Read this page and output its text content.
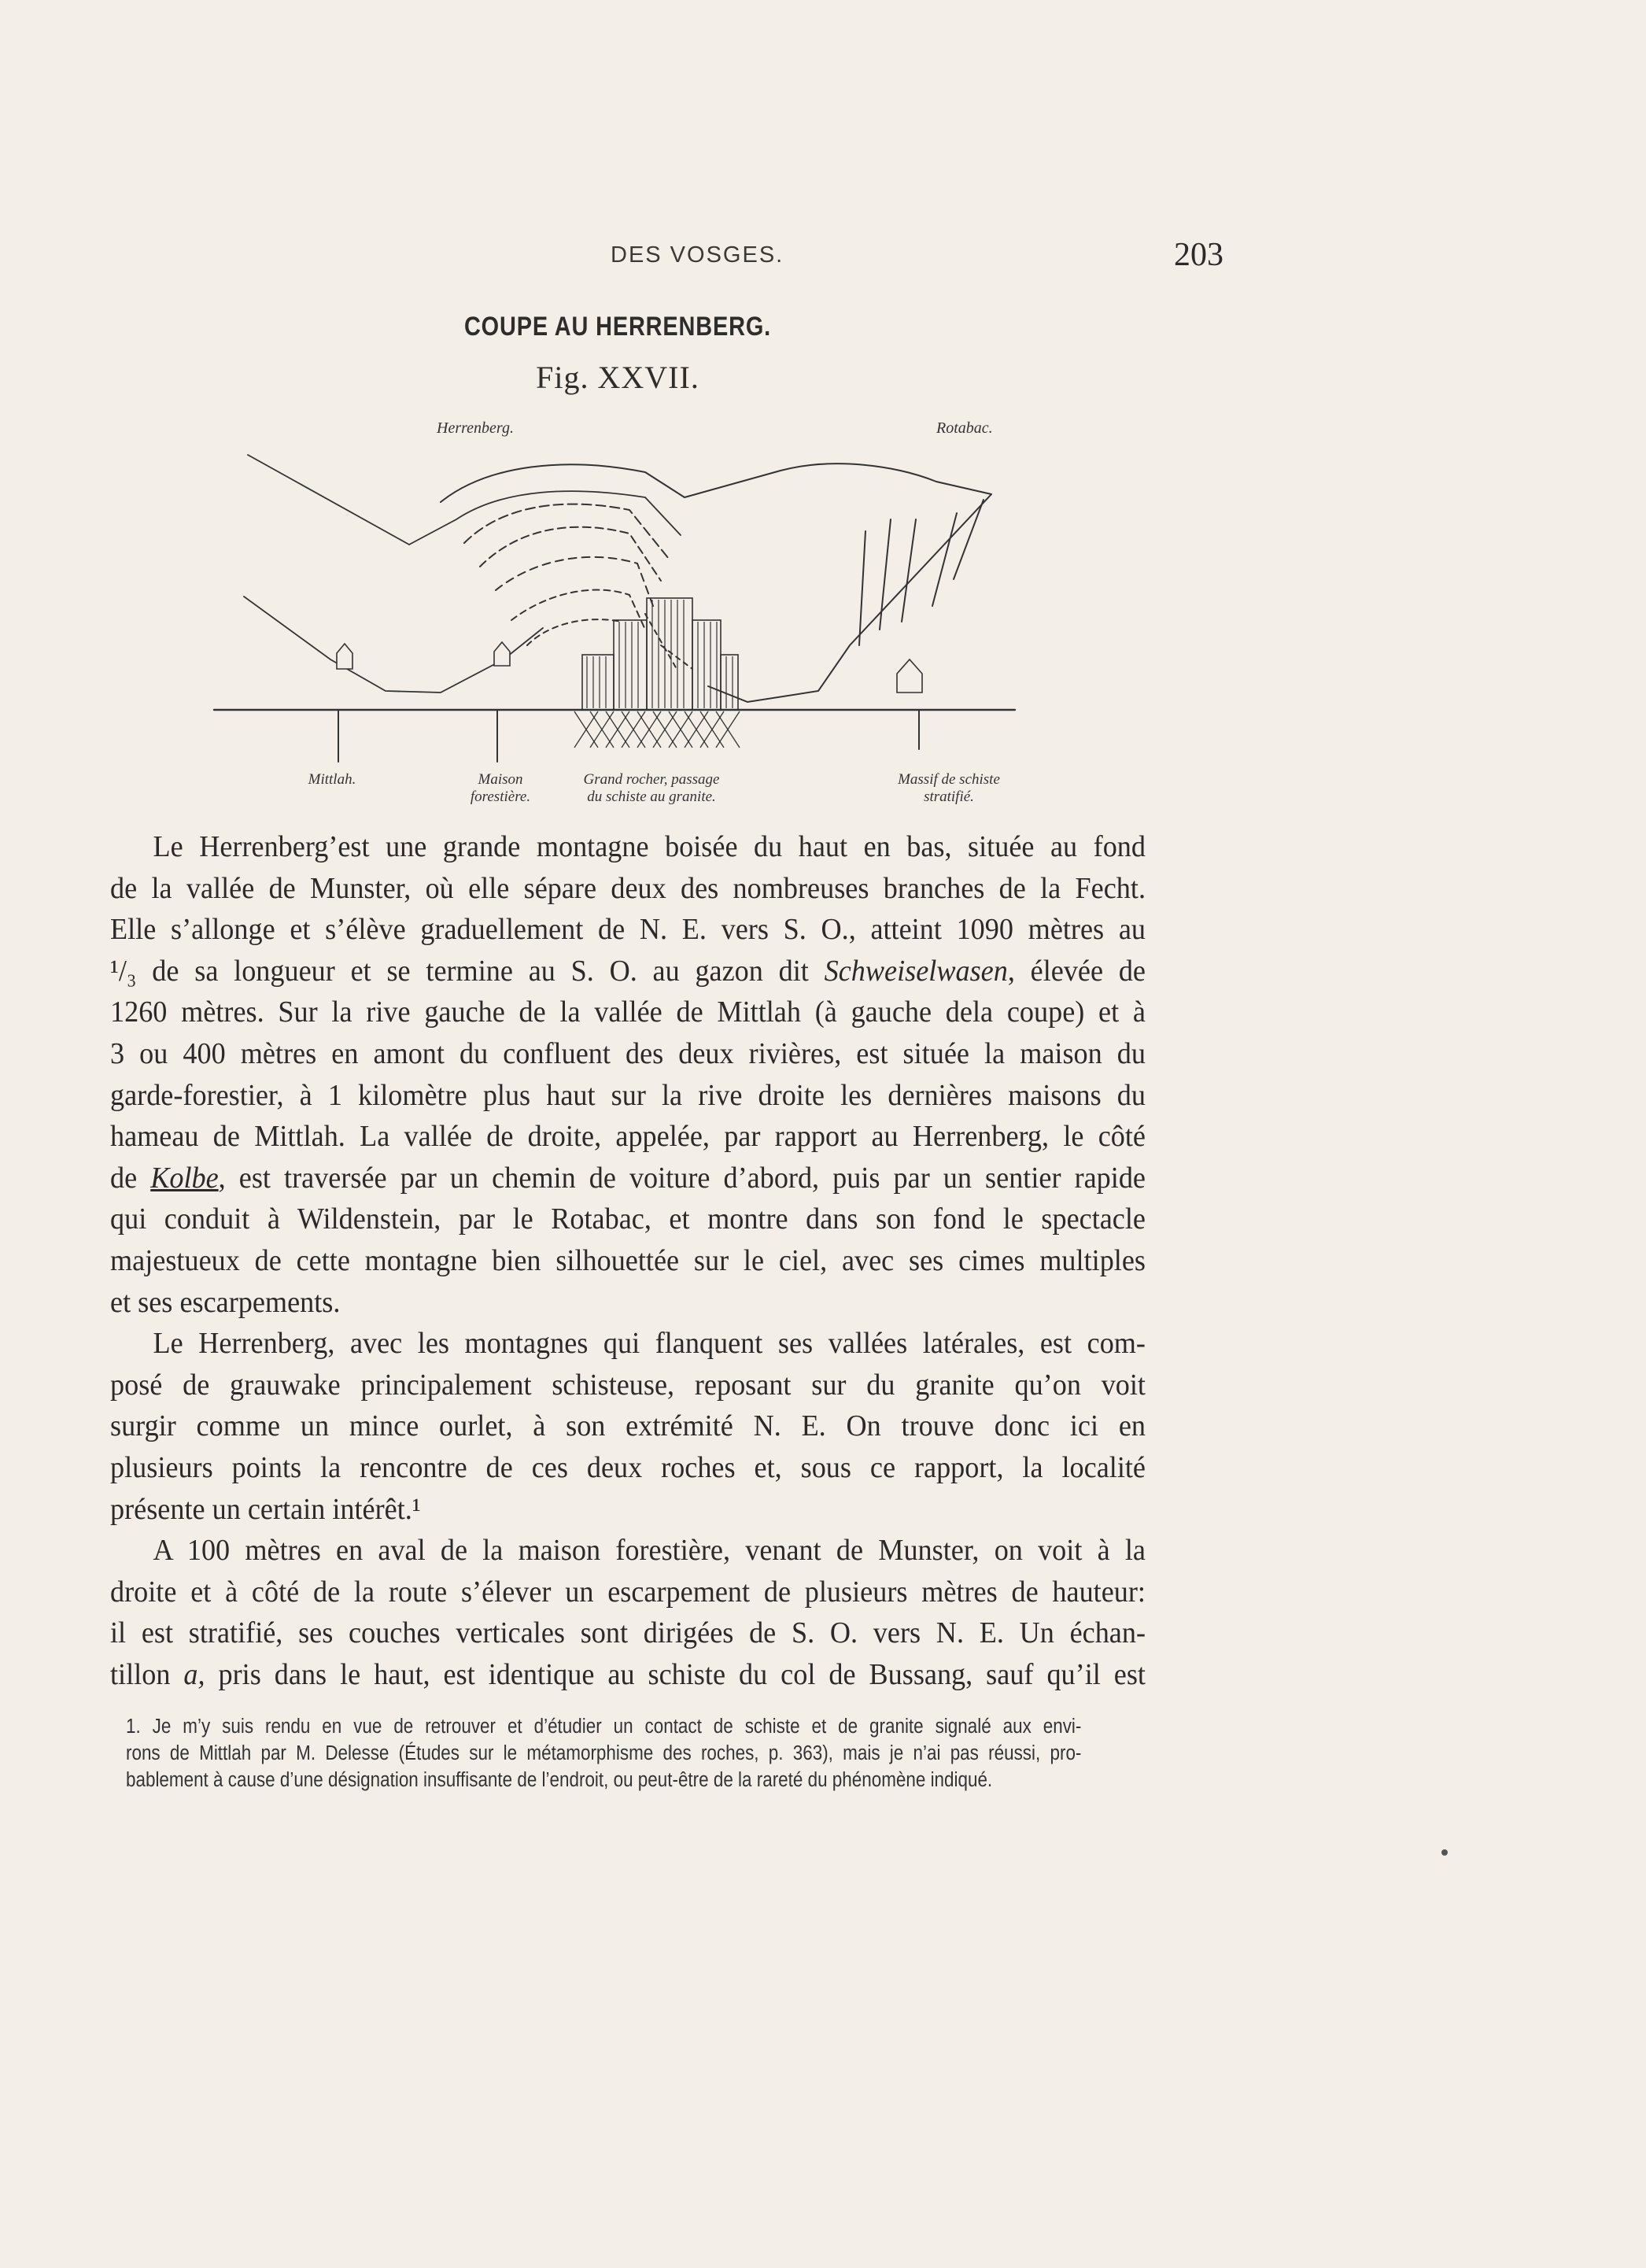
DES VOSGES.	203
COUPE AU HERRENBERG.
Fig. XXVII.
Herrenberg.	Rotabac.
Mittlah.	Maison
forestière.
Grand rocher, passage
du schiste au granite.
Massif de schiste
stratifié.
Le Herrenberg’est une grande montagne boisée du haut en bas, située au fond
de la vallée de Munster, où elle sépare deux des nombreuses branches de la Fecht.
Elle s’allonge et s’élève graduellement de N. E. vers S. O., atteint 1090 mètres au
¹/₃ de sa longueur et se termine au S. O. au gazon dit Schweiselwasen, élevée de
1260 mètres. Sur la rive gauche de la vallée de Mittlah (à gauche dela coupe) et à
3 ou 400 mètres en amont du confluent des deux rivières, est située la maison du
garde-forestier, à 1 kilomètre plus haut sur la rive droite les dernières maisons du
hameau de Mittlah. La vallée de droite, appelée, par rapport au Herrenberg, le côté
de Kolbe, est traversée par un chemin de voiture d’abord, puis par un sentier rapide
qui conduit à Wildenstein, par le Rotabac, et montre dans son fond le spectacle
majestueux de cette montagne bien silhouettée sur le ciel, avec ses cimes multiples
et ses escarpements.
Le Herrenberg, avec les montagnes qui flanquent ses vallées latérales, est com-
posé de grauwake principalement schisteuse, reposant sur du granite qu’on voit
surgir comme un mince ourlet, à son extrémité N. E. On trouve donc ici en
plusieurs points la rencontre de ces deux roches et, sous ce rapport, la localité
présente un certain intérêt.¹
A 100 mètres en aval de la maison forestière, venant de Munster, on voit à la
droite et à côté de la route s’élever un escarpement de plusieurs mètres de hauteur:
il est stratifié, ses couches verticales sont dirigées de S. O. vers N. E. Un échan-
tillon a, pris dans le haut, est identique au schiste du col de Bussang, sauf qu’il est
1. Je m’y suis rendu en vue de retrouver et d’étudier un contact de schiste et de granite signalé aux envi-
rons de Mittlah par M. Delesse (Études sur le métamorphisme des roches, p. 363), mais je n’ai pas réussi, pro-
bablement à cause d’une désignation insuffisante de l’endroit, ou peut-être de la rareté du phénomène indiqué.
